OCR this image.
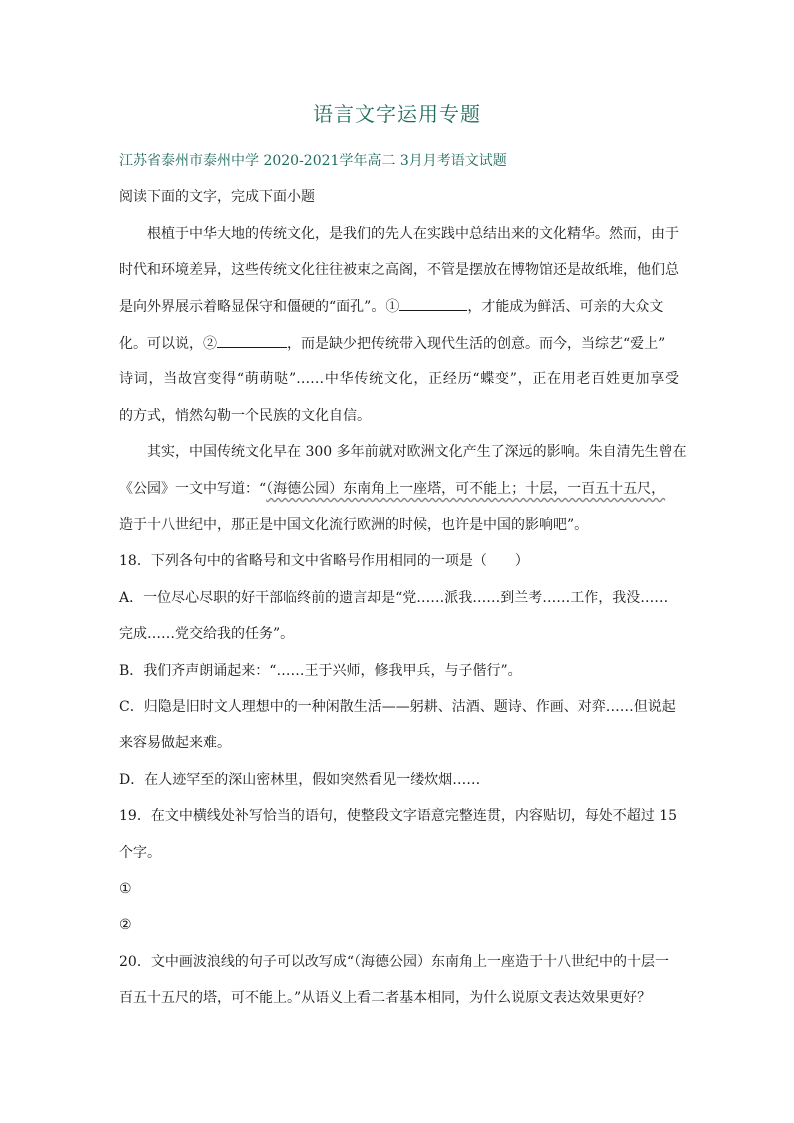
语言文字运用专题
江苏省泰州市泰州中学 2020-2021学年高二 3月月考语文试题
阅读下面的文字，完成下面小题
根植于中华大地的传统文化，是我们的先人在实践中总结出来的文化精华。然而，由于
时代和环境差异，这些传统文化往往被束之高阁，不管是摆放在博物馆还是故纸堆，他们总
是向外界展示着略显保守和僵硬的“面孔”。①	，才能成为鲜活、可亲的大众文
化。可以说，②	，而是缺少把传统带入现代生活的创意。而今，当综艺“爱上”
诗词，当故宫变得“萌萌哒”……中华传统文化，正经历“蝶变”，正在用老百姓更加享受
的方式，悄然勾勒一个民族的文化自信。
其实，中国传统文化早在 300 多年前就对欧洲文化产生了深远的影响。朱自清先生曾在
《公园》一文中写道：“（海德公园）东南角上一座塔，可不能上；十层，一百五十五尺，
造于十八世纪中，那正是中国文化流行欧洲的时候，也许是中国的影响吧”。
18．下列各句中的省略号和文中省略号作用相同的一项是（　　）
A．一位尽心尽职的好干部临终前的遗言却是“党……派我……到兰考……工作，我没……
完成……党交给我的任务”。
B．我们齐声朗诵起来：“……王于兴师，修我甲兵，与子偕行”。
C．归隐是旧时文人理想中的一种闲散生活——躬耕、沽酒、题诗、作画、对弈……但说起
来容易做起来难。
D．在人迹罕至的深山密林里，假如突然看见一缕炊烟……
19．在文中横线处补写恰当的语句，使整段文字语意完整连贯，内容贴切，每处不超过 15
个字。
①
②
20．文中画波浪线的句子可以改写成“（海德公园）东南角上一座造于十八世纪中的十层一
百五十五尺的塔，可不能上。”从语义上看二者基本相同，为什么说原文表达效果更好？
